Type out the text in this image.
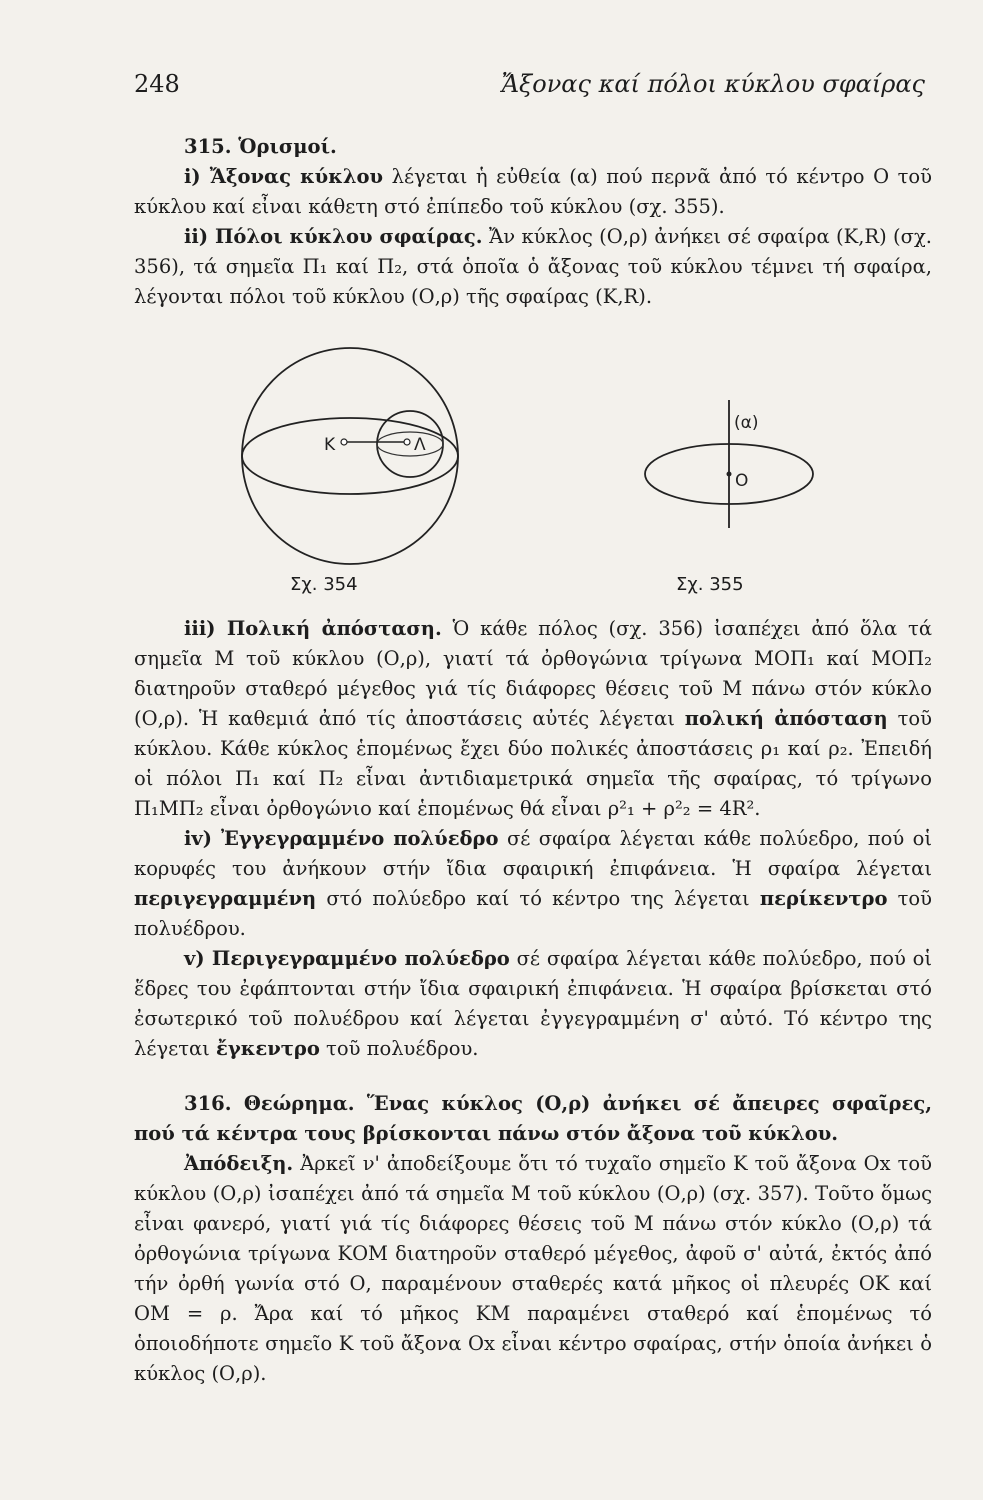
248	Ἄξονας καί πόλοι κύκλου σφαίρας

315. Ὁρισμοί.

i) Ἄξονας κύκλου λέγεται ἡ εὐθεία (α) πού περνᾶ ἀπό τό κέντρο Ο τοῦ κύκλου καί εἶναι κάθετη στό ἐπίπεδο τοῦ κύκλου (σχ. 355).

ii) Πόλοι κύκλου σφαίρας. Ἄν κύκλος (Ο,ρ) ἀνήκει σέ σφαίρα (Κ,R) (σχ. 356), τά σημεῖα Π₁ καί Π₂, στά ὁποῖα ὁ ἄξονας τοῦ κύκλου τέμνει τή σφαίρα, λέγονται πόλοι τοῦ κύκλου (Ο,ρ) τῆς σφαίρας (Κ,R).

K	Λ
Σχ. 354
(α)
O
Σχ. 355

iii) Πολική ἀπόσταση. Ὁ κάθε πόλος (σχ. 356) ἰσαπέχει ἀπό ὅλα τά σημεῖα Μ τοῦ κύκλου (Ο,ρ), γιατί τά ὀρθογώνια τρίγωνα ΜΟΠ₁ καί ΜΟΠ₂ διατηροῦν σταθερό μέγεθος γιά τίς διάφορες θέσεις τοῦ Μ πάνω στόν κύκλο (Ο,ρ). Ἡ καθεμιά ἀπό τίς ἀποστάσεις αὐτές λέγεται πολική ἀπόσταση τοῦ κύκλου. Κάθε κύκλος ἑπομένως ἔχει δύο πολικές ἀποστάσεις ρ₁ καί ρ₂. Ἐπειδή οἱ πόλοι Π₁ καί Π₂ εἶναι ἀντιδιαμετρικά σημεῖα τῆς σφαίρας, τό τρίγωνο Π₁ΜΠ₂ εἶναι ὀρθογώνιο καί ἑπομένως θά εἶναι ρ²₁ + ρ²₂ = 4R².

iv) Ἐγγεγραμμένο πολύεδρο σέ σφαίρα λέγεται κάθε πολύεδρο, πού οἱ κορυφές του ἀνήκουν στήν ἴδια σφαιρική ἐπιφάνεια. Ἡ σφαίρα λέγεται περιγεγραμμένη στό πολύεδρο καί τό κέντρο της λέγεται περίκεντρο τοῦ πολυέδρου.

v) Περιγεγραμμένο πολύεδρο σέ σφαίρα λέγεται κάθε πολύεδρο, πού οἱ ἕδρες του ἐφάπτονται στήν ἴδια σφαιρική ἐπιφάνεια. Ἡ σφαίρα βρίσκεται στό ἐσωτερικό τοῦ πολυέδρου καί λέγεται ἐγγεγραμμένη σ' αὐτό. Τό κέντρο της λέγεται ἔγκεντρο τοῦ πολυέδρου.

316. Θεώρημα. Ἕνας κύκλος (Ο,ρ) ἀνήκει σέ ἄπειρες σφαῖρες, πού τά κέντρα τους βρίσκονται πάνω στόν ἄξονα τοῦ κύκλου.

Ἀπόδειξη. Ἀρκεῖ ν' ἀποδείξουμε ὅτι τό τυχαῖο σημεῖο Κ τοῦ ἄξονα Οx τοῦ κύκλου (Ο,ρ) ἰσαπέχει ἀπό τά σημεῖα Μ τοῦ κύκλου (Ο,ρ) (σχ. 357). Τοῦτο ὅμως εἶναι φανερό, γιατί γιά τίς διάφορες θέσεις τοῦ Μ πάνω στόν κύκλο (Ο,ρ) τά ὀρθογώνια τρίγωνα ΚΟΜ διατηροῦν σταθερό μέγεθος, ἀφοῦ σ' αὐτά, ἐκτός ἀπό τήν ὀρθή γωνία στό Ο, παραμένουν σταθερές κατά μῆκος οἱ πλευρές ΟΚ καί ΟΜ = ρ. Ἄρα καί τό μῆκος ΚΜ παραμένει σταθερό καί ἑπομένως τό ὁποιοδήποτε σημεῖο Κ τοῦ ἄξονα Οx εἶναι κέντρο σφαίρας, στήν ὁποία ἀνήκει ὁ κύκλος (Ο,ρ).
